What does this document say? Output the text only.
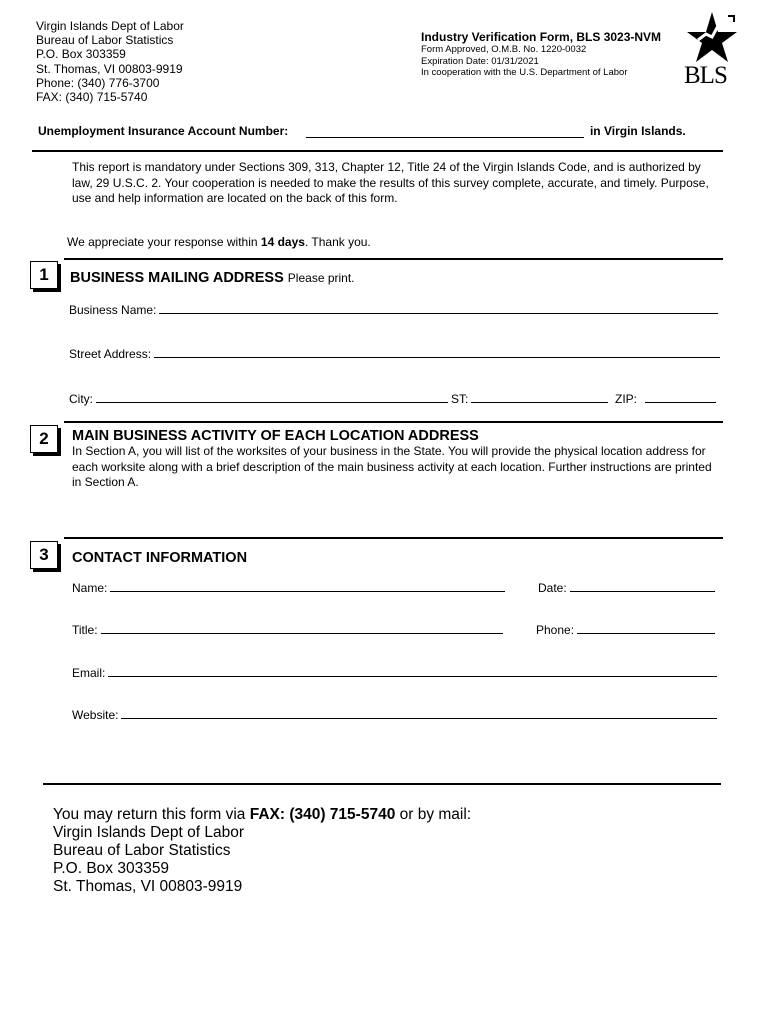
Virgin Islands Dept of Labor
Bureau of Labor Statistics
P.O. Box 303359
St. Thomas, VI 00803-9919
Phone: (340) 776-3700
FAX: (340) 715-5740
Industry Verification Form, BLS 3023-NVM
Form Approved, O.M.B. No. 1220-0032
Expiration Date: 01/31/2021
In cooperation with the U.S. Department of Labor	BLS
Unemployment Insurance Account Number:	in Virgin Islands.
This report is mandatory under Sections 309, 313, Chapter 12, Title 24 of the Virgin Islands Code, and is authorized by law, 29 U.S.C. 2. Your cooperation is needed to make the results of this survey complete, accurate, and timely. Purpose, use and help information are located on the back of this form.
We appreciate your response within 14 days. Thank you.
1	BUSINESS MAILING ADDRESS Please print.
Business Name:
Street Address:
City:	ST:	ZIP:
2	MAIN BUSINESS ACTIVITY OF EACH LOCATION ADDRESS
In Section A, you will list of the worksites of your business in the State. You will provide the physical location address for each worksite along with a brief description of the main business activity at each location. Further instructions are printed in Section A.
3	CONTACT INFORMATION
Name:	Date:
Title:	Phone:
Email:
Website:
You may return this form via FAX: (340) 715-5740 or by mail:
Virgin Islands Dept of Labor
Bureau of Labor Statistics
P.O. Box 303359
St. Thomas, VI 00803-9919
